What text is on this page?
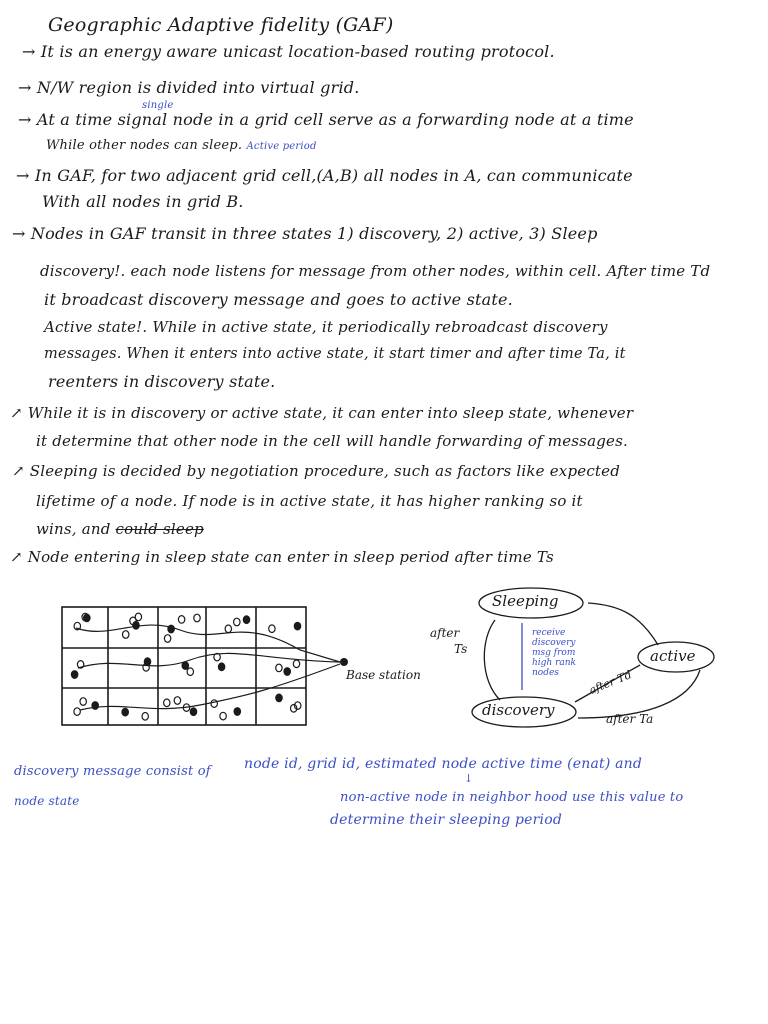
Geographic Adaptive fidelity (GAF)
→ It is an energy aware unicast location-based routing protocol.
→ N/W region is divided into virtual grid.
single
→ At a time signal node in a grid cell serve as a forwarding node at a time
While other nodes can sleep. Active period
→ In GAF, for two adjacent grid cell,(A,B) all nodes in A, can communicate
With all nodes in grid B.
→ Nodes in GAF transit in three states 1) discovery, 2) active, 3) Sleep
discovery!. each node listens for message from other nodes, within cell. After time Td
it broadcast discovery message and goes to active state.
Active state!. While in active state, it periodically rebroadcast discovery
messages. When it enters into active state, it start timer and after time Ta, it
reenters in discovery state.
↗ While it is in discovery or active state, it can enter into sleep state, whenever
it determine that other node in the cell will handle forwarding of messages.
↗ Sleeping is decided by negotiation procedure, such as factors like expected
lifetime of a node. If node is in active state, it has higher ranking so it
wins, and could sleep
↗ Node entering in sleep state can enter in sleep period after time Ts
Base station
Sleeping
active
discovery
after
Ts
after Td
after Ta
receive discovery msg from high rank nodes
discovery message consist of
node state
node id, grid id, estimated node active time (enat) and
↓
non-active node in neighbor hood use this value to
determine their sleeping period
